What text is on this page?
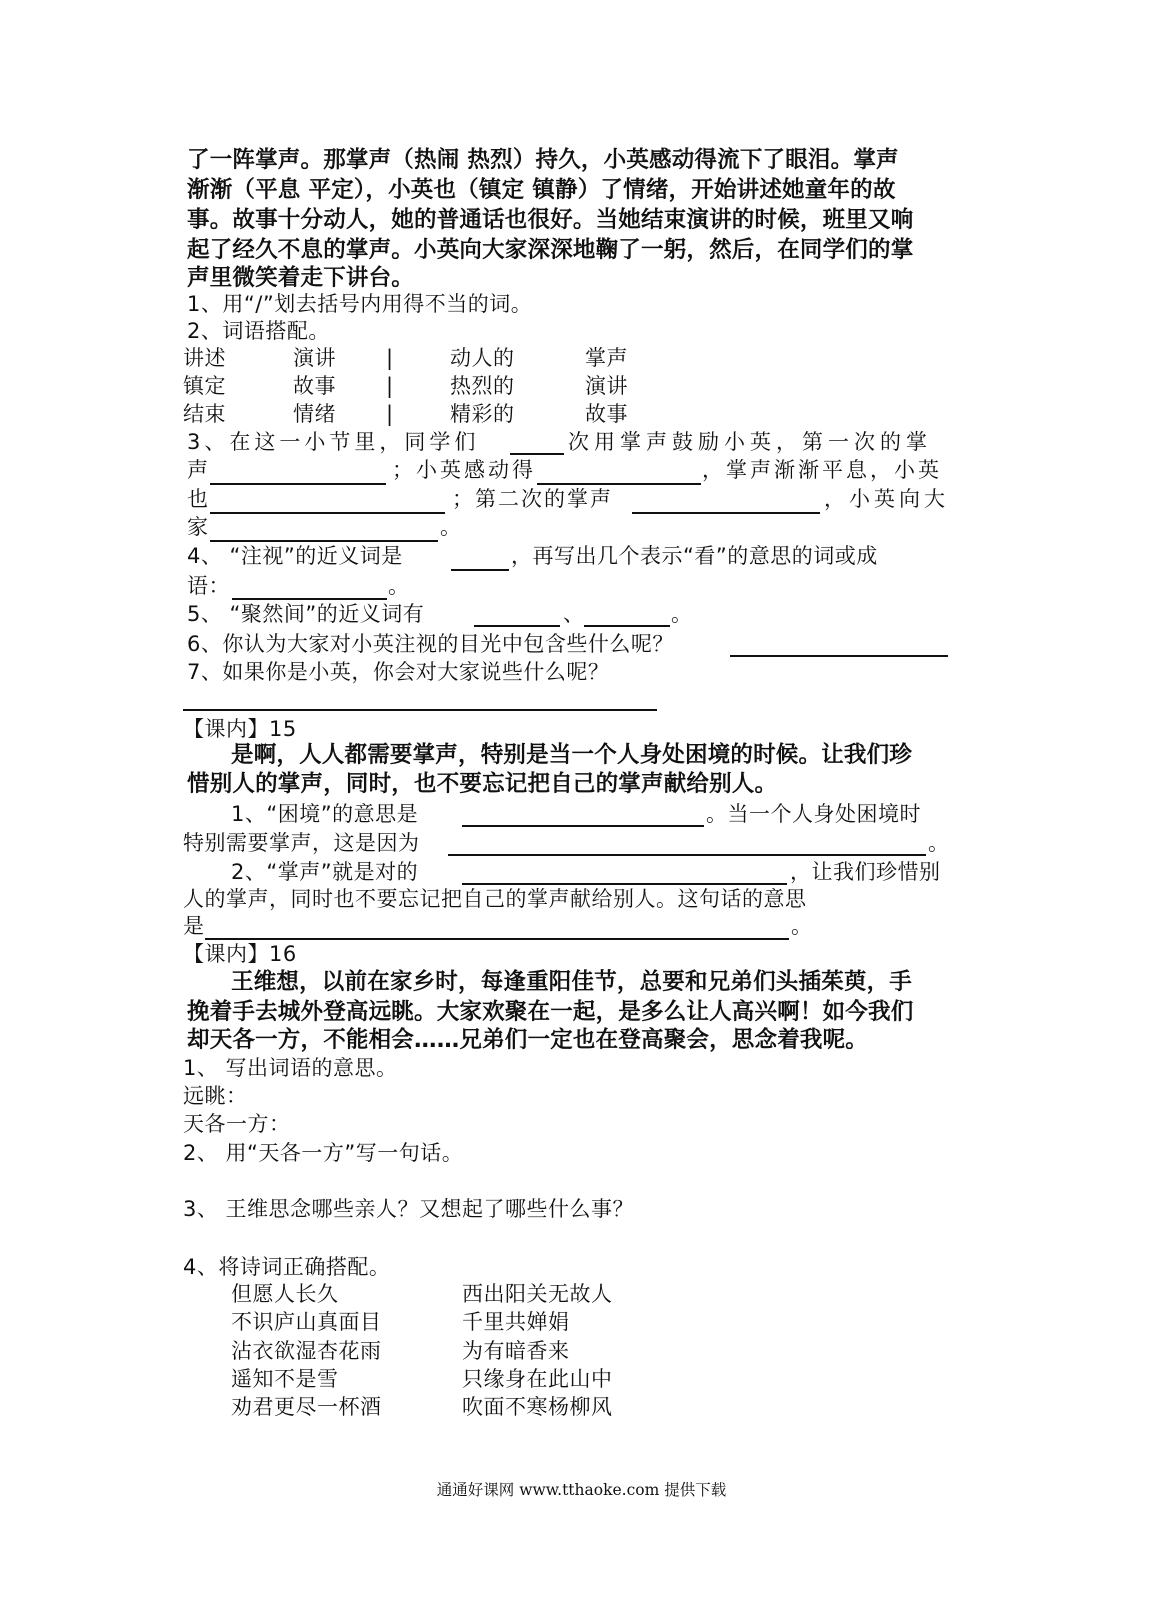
了一阵掌声。那掌声（热闹 热烈）持久，小英感动得流下了眼泪。掌声
渐渐（平息 平定），小英也（镇定 镇静）了情绪，开始讲述她童年的故
事。故事十分动人，她的普通话也很好。当她结束演讲的时候，班里又响
起了经久不息的掌声。小英向大家深深地鞠了一躬，然后，在同学们的掌
声里微笑着走下讲台。
1、用“/”划去括号内用得不当的词。
2、词语搭配。
讲述	演讲 |	动人的	掌声
镇定	故事 |	热烈的	演讲
结束	情绪 |	精彩的	故事
3、在这一小节里，同学们	次用掌声鼓励小英，第一次的掌
声	；小英感动得	，掌声渐渐平息，小英
也	；第二次的掌声	，小英向大
家	。
4、 “注视”的近义词是	，再写出几个表示“看”的意思的词或成
语：	。
5、 “聚然间”的近义词有	、	。
6、你认为大家对小英注视的目光中包含些什么呢？
7、如果你是小英，你会对大家说些什么呢？
【课内】15
是啊，人人都需要掌声，特别是当一个人身处困境的时候。让我们珍
惜别人的掌声，同时，也不要忘记把自己的掌声献给别人。
1、“困境”的意思是	。当一个人身处困境时
特别需要掌声，这是因为	。
2、“掌声”就是对的	，让我们珍惜别
人的掌声，同时也不要忘记把自己的掌声献给别人。这句话的意思
是	。
【课内】16
王维想，以前在家乡时，每逢重阳佳节，总要和兄弟们头插茱萸，手
挽着手去城外登高远眺。大家欢聚在一起，是多么让人高兴啊！如今我们
却天各一方，不能相会……兄弟们一定也在登高聚会，思念着我呢。
1、 写出词语的意思。
远眺：
天各一方：
2、 用“天各一方”写一句话。
3、 王维思念哪些亲人？又想起了哪些什么事？
4、将诗词正确搭配。
但愿人长久	西出阳关无故人
不识庐山真面目	千里共婵娟
沾衣欲湿杏花雨	为有暗香来
遥知不是雪	只缘身在此山中
劝君更尽一杯酒	吹面不寒杨柳风
通通好课网 www.tthaoke.com 提供下载
